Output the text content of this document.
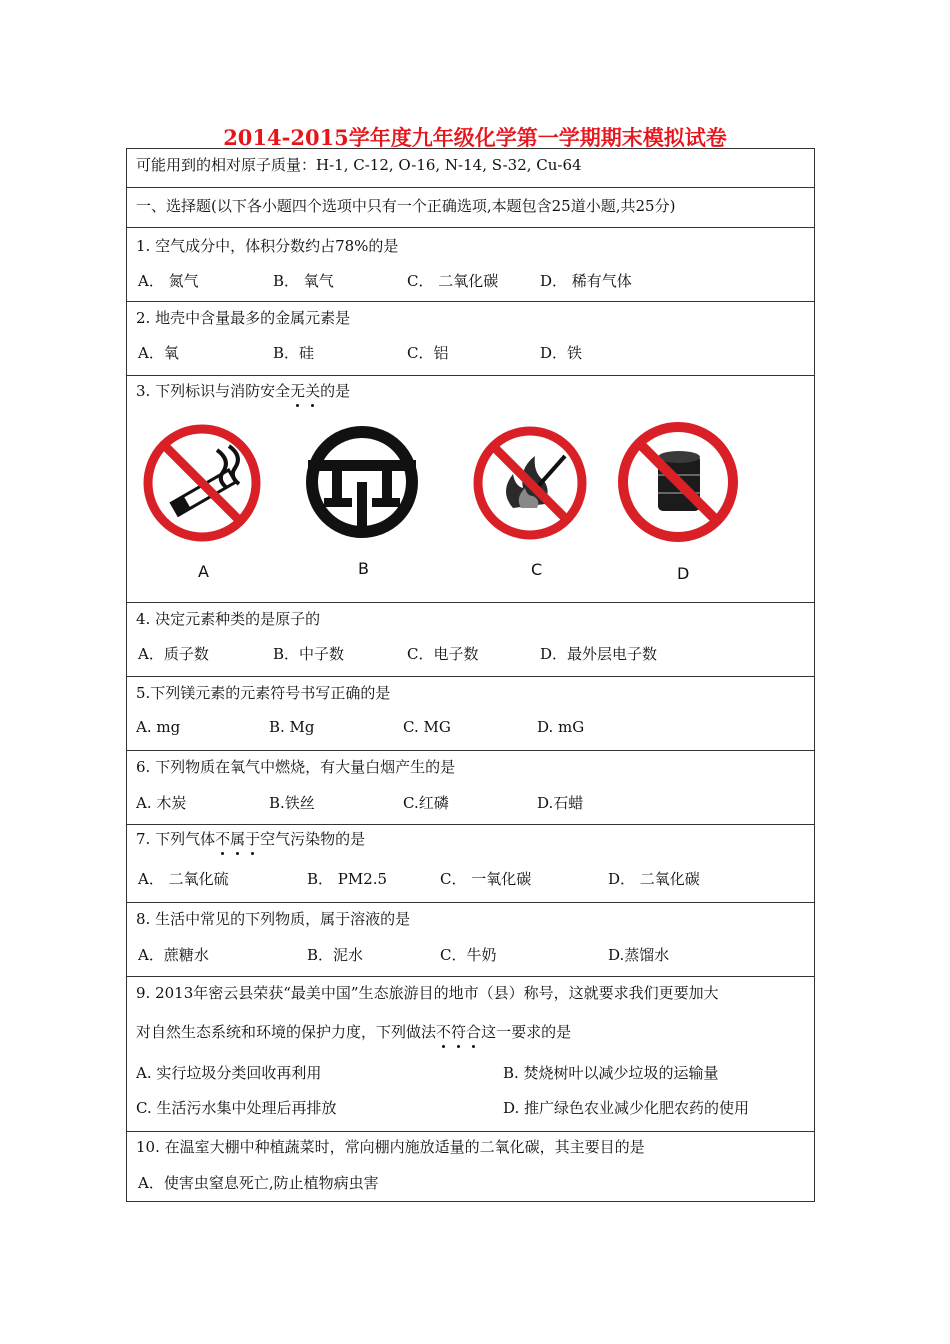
2014-2015学年度九年级化学第一学期期末模拟试卷
可能用到的相对原子质量：H-1, C-12, O-16, N-14, S-32, Cu-64
一、选择题(以下各小题四个选项中只有一个正确选项,本题包含25道小题,共25分)
1. 空气成分中，体积分数约占78%的是
A． 氮气	B． 氧气	C． 二氧化碳	D． 稀有气体
2. 地壳中含量最多的金属元素是
A．氧	B．硅	C．铝	D．铁
3. 下列标识与消防安全无关的是
A	B	C	D
4. 决定元素种类的是原子的
A．质子数	B．中子数	C．电子数	D．最外层电子数
5.下列镁元素的元素符号书写正确的是
A. mg	B. Mg	C. MG	D. mG
6. 下列物质在氧气中燃烧，有大量白烟产生的是
A. 木炭	B.铁丝	C.红磷	D.石蜡
7. 下列气体不属于空气污染物的是
A． 二氧化硫	B． PM2.5	C． 一氧化碳	D． 二氧化碳
8. 生活中常见的下列物质，属于溶液的是
A．蔗糖水	B．泥水	C．牛奶	D.蒸馏水
9. 2013年密云县荣获“最美中国”生态旅游目的地市（县）称号，这就要求我们更要加大
对自然生态系统和环境的保护力度，下列做法不符合这一要求的是
A. 实行垃圾分类回收再利用	B. 焚烧树叶以减少垃圾的运输量
C. 生活污水集中处理后再排放	D. 推广绿色农业减少化肥农药的使用
10. 在温室大棚中种植蔬菜时，常向棚内施放适量的二氧化碳，其主要目的是
A．使害虫窒息死亡,防止植物病虫害
